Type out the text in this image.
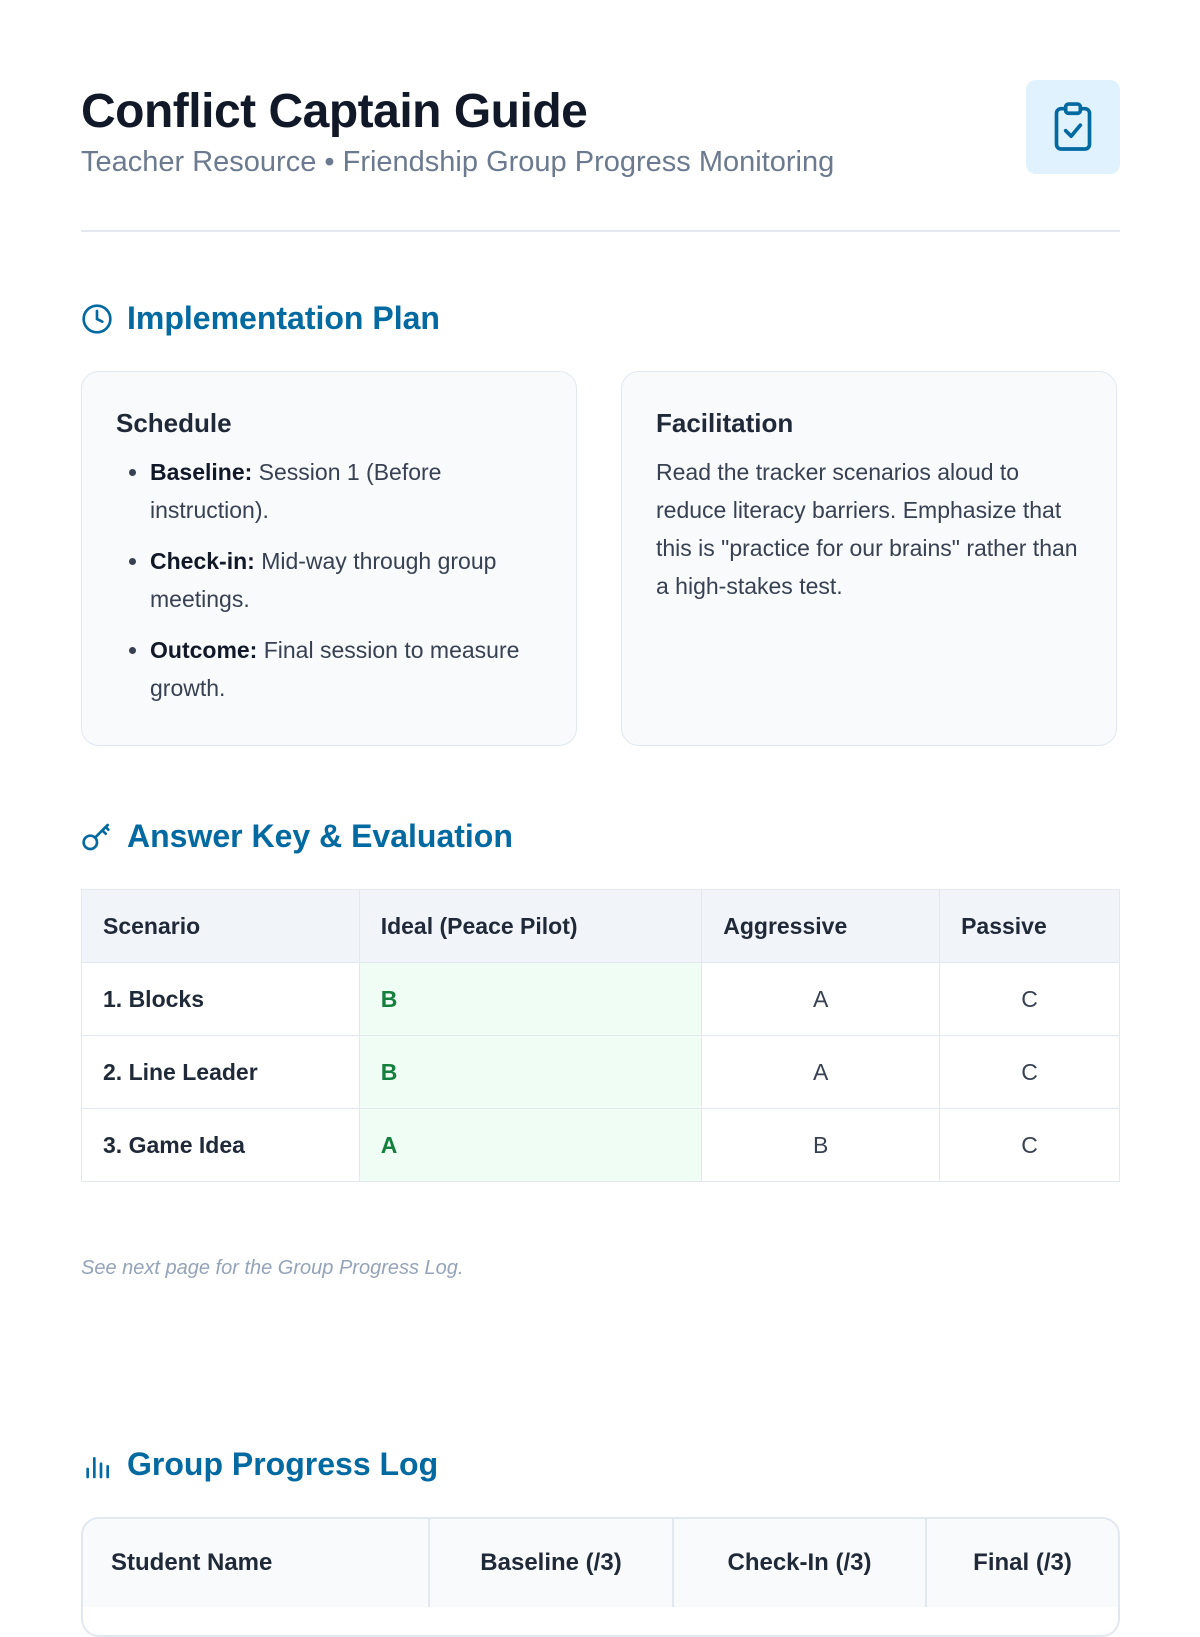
Conflict Captain Guide

Teacher Resource • Friendship Group Progress Monitoring

Implementation Plan
Schedule
• Baseline: Session 1 (Before instruction).
• Check-in: Mid-way through group meetings.
• Outcome: Final session to measure growth.
Facilitation

Read the tracker scenarios aloud to reduce literacy barriers. Emphasize that this is "practice for our brains" rather than a high-stakes test.

Answer Key & Evaluation
Scenario	Ideal (Peace Pilot)	Aggressive	Passive
1. Blocks	B	A	C
2. Line Leader	B	A	C
3. Game Idea	A	B	C

See next page for the Group Progress Log.

Group Progress Log
Student Name	Baseline (/3)	Check-In (/3)	Final (/3)
